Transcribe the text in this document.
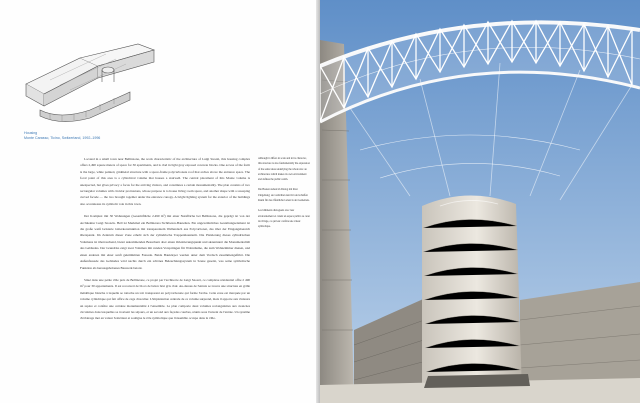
Housing
Monte Carasso, Ticino, Switzerland, 1992–1996

Located in a small town near Bellinzona, the work characteristic of the architecture of Luigi Snozzi, this housing complex offers 2,490 square meters of space for 30 apartments, and is clad in light gray exposed concrete blocks. One access of the form is the large, white painted, gridmetal structure with a space-frame polycarbonate roof that arches above the entrance space. The focal point of this area is a cylindrical volume that houses a stairwell. The central placement of this Monte volume is unexpected, but gives privacy a focus for the arriving visitors, and constitutes a certain monumentality. The plan consists of two rectangular volumes with circular protrusions, whose purpose is to house living room space, and another shape with a sweeping curved facade — the two brought together under the entrance canopy. A bright lighting system for the exterior of the buildings also accentuates its symbolic role in this town.

Der Komplex mit 30 Wohnungen (Gesamtfläche 2.490 m²) mit einer Nutzfläche bei Bellinzona, die geprägt ist von der Architektur Luigi Snozzis. Hell ist Merkmal ein Bellinzona Sichtbeton-Bauteilen. Ein ungewöhnliches Gestaltungselement ist die große weiß lackierte Gitterkonstruktion mit transparentem Wellendach aus Polycarbonat, das über der Eingangsbereich überspannt. Im Zentrum dieser Zone erhebt sich der zylindrische Treppenhausturm. Die Platzierung dieses zylindrischen Volumens ist überraschend, bietet ankommenden Besuchern aber einen Orientierungspunkt und akzentuiert die Monumentalität des Gebäudes. Der Grundriss zeigt zwei Volumen mit runden Vorsprüngen für Wohnräume, die zum Wohnzimmer dienen, und einen anderen mit einer sanft gekrümmten Fassade. Beide Baukörper werden unter dem Vordach zusammengeführt. Die Außenfassade des Gebäudes wird nachts durch ein schönes Beleuchtungssystem in Szene gesetzt, was seine symbolische Funktion als herausgehobenes Bauwerk betont.

Situé dans une petite ville près de Bellinzone, ce projet par l'architecte de Luigi Snozzi, ce complexe résidentiel offre 2 490 m² pour 30 appartements. Il est recouvert de blocs de béton brut gris clair. Au-dessus de l'entrée se trouve une structure en grille métallique blanche à laquelle se rattache un toit transparent en polycarbonate qui forme l'arche. Cette zone est marquée par un volume cylindrique qui fait office de cage d'escalier. L'implantation centrale de ce volume surprend, mais il apporte aux visiteurs un repère et confère une certaine monumentalité à l'ensemble. Le plan comporte deux volumes rectangulaires aux avancées circulaires dans lesquelles se trouvent les séjours, et un second aux façades courbes, réunis sous l'auvent de l'entrée. Un système d'éclairage met en valeur l'extérieur et souligne le rôle symbolique que l'ensemble occupe dans la ville.

Although it differs in scale and in its character, this structure is also fundamentally the expression of the same ideas underlying the whole site: an architecture which makes its own environment and defines the public realm.

Die Bauten stehen im Dialog mit ihrer Umgebung; sie verdichten den Ort und schaffen Raum für das öffentliche Leben in der Gemeinde.

Les bâtiments dialoguent avec leur environnement et créent un espace public au cœur du village, ce qui leur confère une valeur symbolique.
